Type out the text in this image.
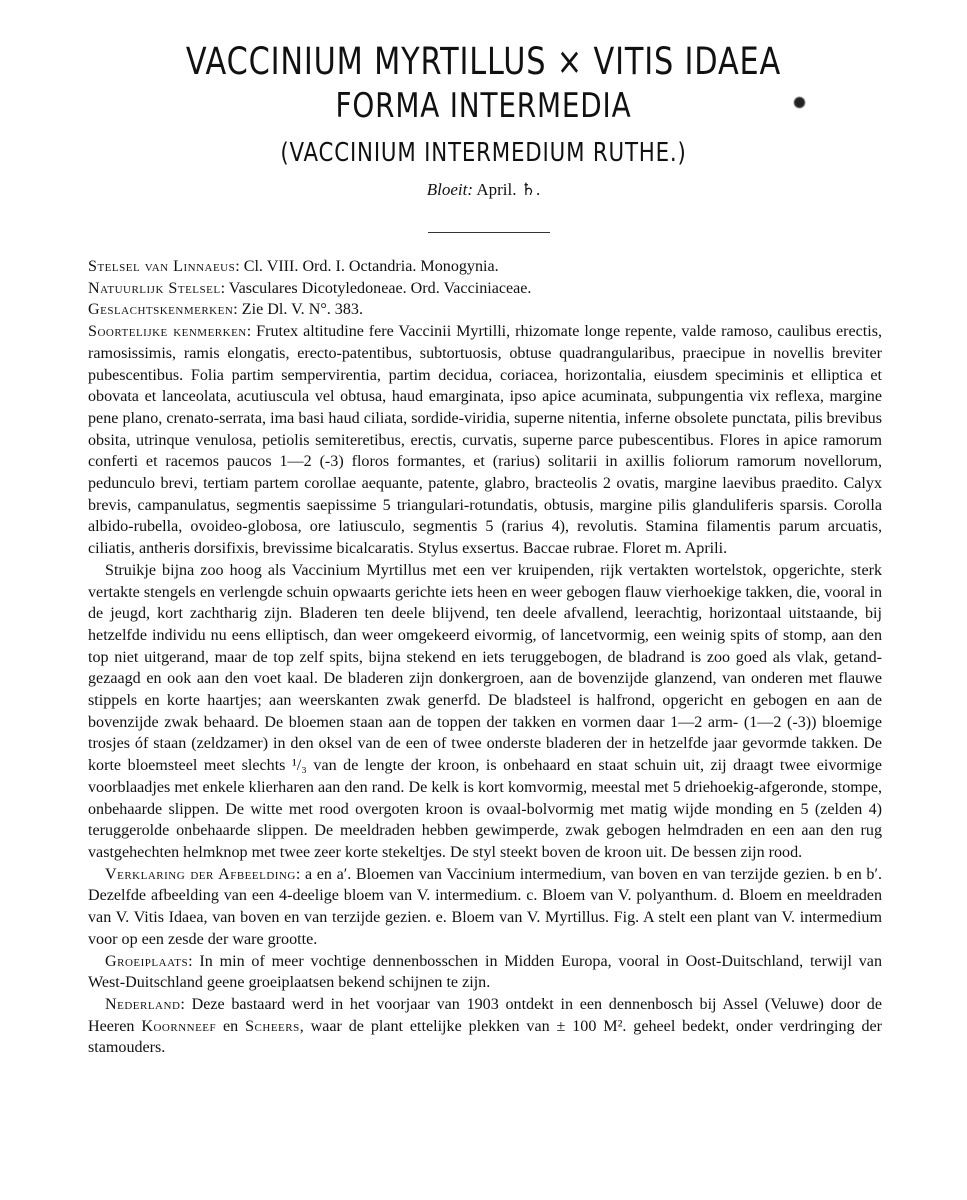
VACCINIUM MYRTILLUS × VITIS IDAEA
FORMA INTERMEDIA
(VACCINIUM INTERMEDIUM RUTHE.)
Bloeit: April. ♄.

Stelsel van Linnaeus: Cl. VIII. Ord. I. Octandria. Monogynia.

Natuurlijk Stelsel: Vasculares Dicotyledoneae. Ord. Vacciniaceae.

Geslachtskenmerken: Zie Dl. V. N°. 383.

Soortelijke kenmerken: Frutex altitudine fere Vaccinii Myrtilli, rhizomate longe repente, valde ramoso, caulibus erectis, ramosissimis, ramis elongatis, erecto-patentibus, subtortuosis, obtuse quadrangularibus, praecipue in novellis breviter pubescentibus. Folia partim sempervirentia, partim decidua, coriacea, horizontalia, eiusdem speciminis et elliptica et obovata et lanceolata, acutiuscula vel obtusa, haud emarginata, ipso apice acuminata, subpungentia vix reflexa, margine pene plano, crenato-serrata, ima basi haud ciliata, sordide-viridia, superne nitentia, inferne obsolete punctata, pilis brevibus obsita, utrinque venulosa, petiolis semiteretibus, erectis, curvatis, superne parce pubescentibus. Flores in apice ramorum conferti et racemos paucos 1—2 (-3) floros formantes, et (rarius) solitarii in axillis foliorum ramorum novellorum, pedunculo brevi, tertiam partem corollae aequante, patente, glabro, bracteolis 2 ovatis, margine laevibus praedito. Calyx brevis, campanulatus, segmentis saepissime 5 triangulari-rotundatis, obtusis, margine pilis glanduliferis sparsis. Corolla albido-rubella, ovoideo-globosa, ore latiusculo, segmentis 5 (rarius 4), revolutis. Stamina filamentis parum arcuatis, ciliatis, antheris dorsifixis, brevissime bicalcaratis. Stylus exsertus. Baccae rubrae. Floret m. Aprili.

Struikje bijna zoo hoog als Vaccinium Myrtillus met een ver kruipenden, rijk vertakten wortelstok, opgerichte, sterk vertakte stengels en verlengde schuin opwaarts gerichte iets heen en weer gebogen flauw vierhoekige takken, die, vooral in de jeugd, kort zachtharig zijn. Bladeren ten deele blijvend, ten deele afvallend, leerachtig, horizontaal uitstaande, bij hetzelfde individu nu eens elliptisch, dan weer omgekeerd eivormig, of lancetvormig, een weinig spits of stomp, aan den top niet uitgerand, maar de top zelf spits, bijna stekend en iets teruggebogen, de bladrand is zoo goed als vlak, getand-gezaagd en ook aan den voet kaal. De bladeren zijn donkergroen, aan de bovenzijde glanzend, van onderen met flauwe stippels en korte haartjes; aan weerskanten zwak generfd. De bladsteel is halfrond, opgericht en gebogen en aan de bovenzijde zwak behaard. De bloemen staan aan de toppen der takken en vormen daar 1—2 arm- (1—2 (-3)) bloemige trosjes óf staan (zeldzamer) in den oksel van de een of twee onderste bladeren der in hetzelfde jaar gevormde takken. De korte bloemsteel meet slechts ¹/₃ van de lengte der kroon, is onbehaard en staat schuin uit, zij draagt twee eivormige voorblaadjes met enkele klierharen aan den rand. De kelk is kort komvormig, meestal met 5 driehoekig-afgeronde, stompe, onbehaarde slippen. De witte met rood overgoten kroon is ovaal-bolvormig met matig wijde monding en 5 (zelden 4) teruggerolde onbehaarde slippen. De meeldraden hebben gewimperde, zwak gebogen helmdraden en een aan den rug vastgehechten helmknop met twee zeer korte stekeltjes. De styl steekt boven de kroon uit. De bessen zijn rood.

Verklaring der Afbeelding: a en a′. Bloemen van Vaccinium intermedium, van boven en van terzijde gezien. b en b′. Dezelfde afbeelding van een 4-deelige bloem van V. intermedium. c. Bloem van V. polyanthum. d. Bloem en meeldraden van V. Vitis Idaea, van boven en van terzijde gezien. e. Bloem van V. Myrtillus. Fig. A stelt een plant van V. intermedium voor op een zesde der ware grootte.

Groeiplaats: In min of meer vochtige dennenbosschen in Midden Europa, vooral in Oost-Duitschland, terwijl van West-Duitschland geene groeiplaatsen bekend schijnen te zijn.

Nederland: Deze bastaard werd in het voorjaar van 1903 ontdekt in een dennenbosch bij Assel (Veluwe) door de Heeren Koornneef en Scheers, waar de plant ettelijke plekken van ± 100 M². geheel bedekt, onder verdringing der stamouders.
